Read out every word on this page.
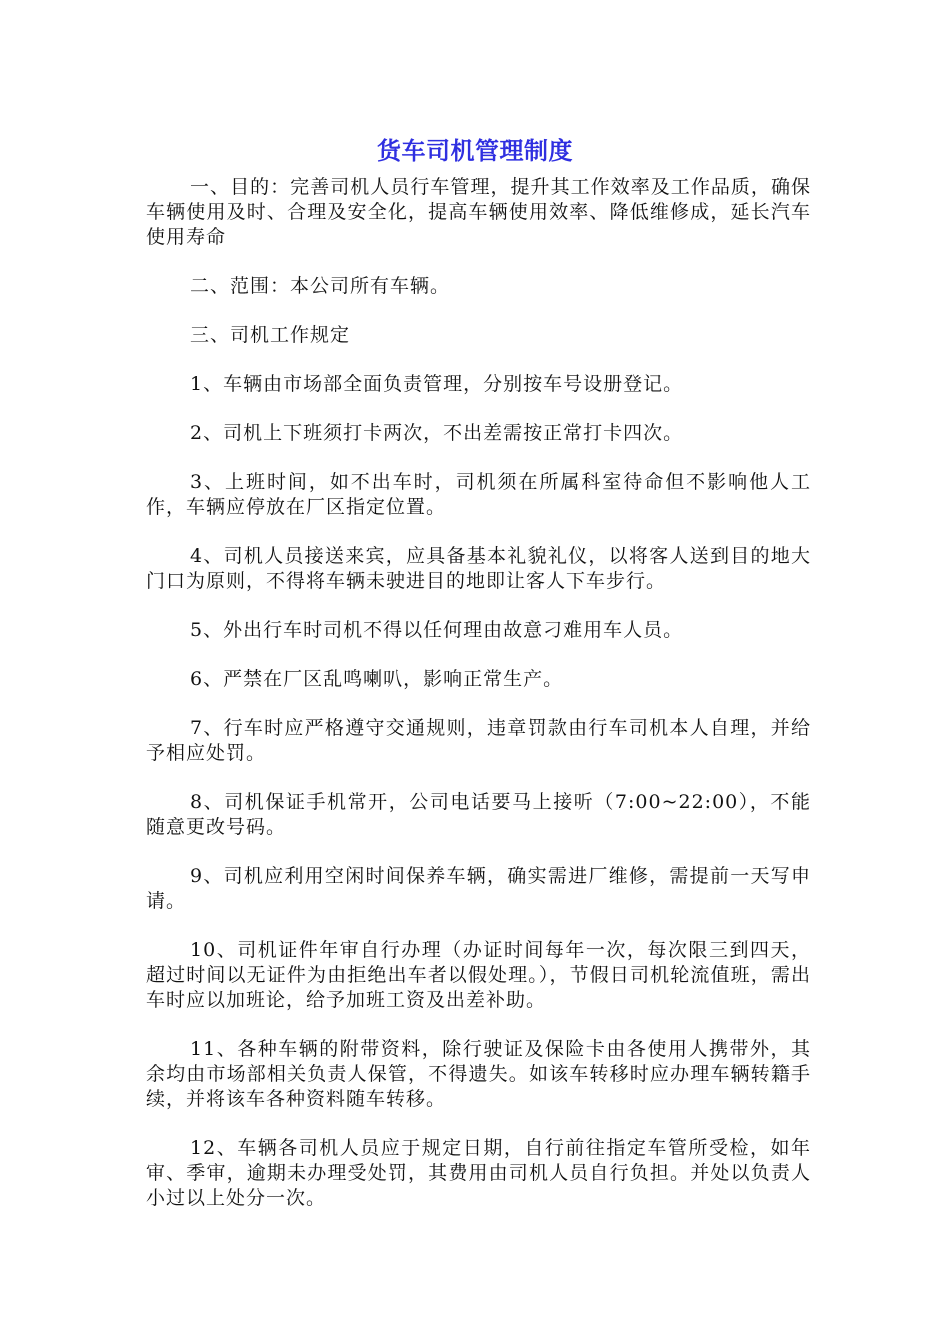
货车司机管理制度

一、目的：完善司机人员行车管理，提升其工作效率及工作品质，确保车辆使用及时、合理及安全化，提高车辆使用效率、降低维修成，延长汽车使用寿命

二、范围：本公司所有车辆。

三、司机工作规定

1、车辆由市场部全面负责管理，分别按车号设册登记。

2、司机上下班须打卡两次，不出差需按正常打卡四次。

3、上班时间，如不出车时，司机须在所属科室待命但不影响他人工作，车辆应停放在厂区指定位置。

4、司机人员接送来宾，应具备基本礼貌礼仪，以将客人送到目的地大门口为原则，不得将车辆未驶进目的地即让客人下车步行。

5、外出行车时司机不得以任何理由故意刁难用车人员。

6、严禁在厂区乱鸣喇叭，影响正常生产。

7、行车时应严格遵守交通规则，违章罚款由行车司机本人自理，并给予相应处罚。

8、司机保证手机常开，公司电话要马上接听（7:00~22:00），不能随意更改号码。

9、司机应利用空闲时间保养车辆，确实需进厂维修，需提前一天写申请。

10、司机证件年审自行办理（办证时间每年一次，每次限三到四天，超过时间以无证件为由拒绝出车者以假处理。），节假日司机轮流值班，需出车时应以加班论，给予加班工资及出差补助。

11、各种车辆的附带资料，除行驶证及保险卡由各使用人携带外，其余均由市场部相关负责人保管，不得遗失。如该车转移时应办理车辆转籍手续，并将该车各种资料随车转移。

12、车辆各司机人员应于规定日期，自行前往指定车管所受检，如年审、季审，逾期未办理受处罚，其费用由司机人员自行负担。并处以负责人小过以上处分一次。
